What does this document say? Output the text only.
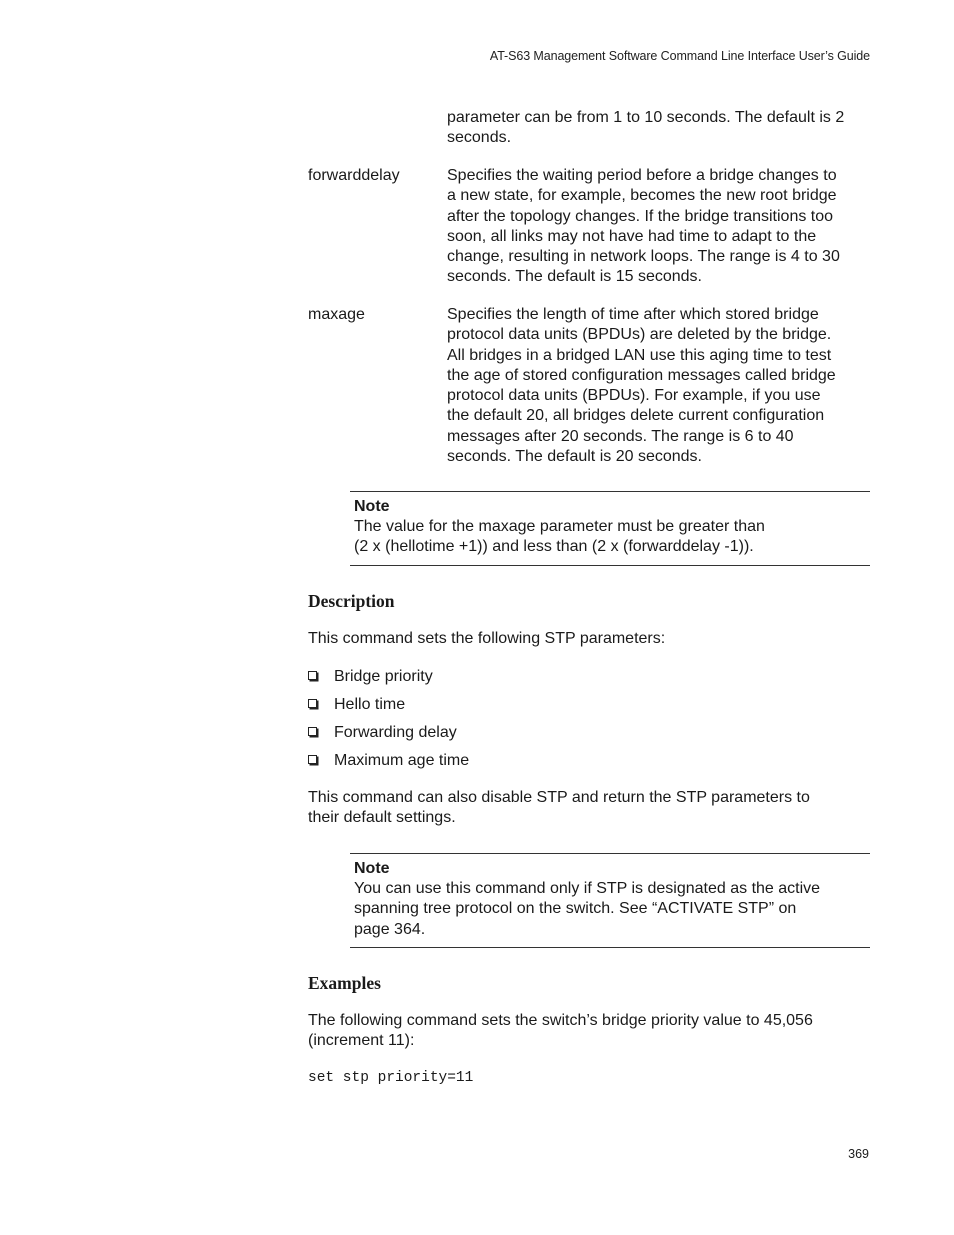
AT-S63 Management Software Command Line Interface User’s Guide
parameter can be from 1 to 10 seconds. The default is 2
seconds.
forwarddelay	Specifies the waiting period before a bridge changes to
a new state, for example, becomes the new root bridge
after the topology changes. If the bridge transitions too
soon, all links may not have had time to adapt to the
change, resulting in network loops. The range is 4 to 30
seconds. The default is 15 seconds.
maxage	Specifies the length of time after which stored bridge
protocol data units (BPDUs) are deleted by the bridge.
All bridges in a bridged LAN use this aging time to test
the age of stored configuration messages called bridge
protocol data units (BPDUs). For example, if you use
the default 20, all bridges delete current configuration
messages after 20 seconds. The range is 6 to 40
seconds. The default is 20 seconds.
Note
The value for the maxage parameter must be greater than
(2 x (hellotime +1)) and less than (2 x (forwarddelay -1)).
Description
This command sets the following STP parameters:
Bridge priority
Hello time
Forwarding delay
Maximum age time
This command can also disable STP and return the STP parameters to
their default settings.
Note
You can use this command only if STP is designated as the active
spanning tree protocol on the switch. See “ACTIVATE STP” on
page 364.
Examples
The following command sets the switch’s bridge priority value to 45,056
(increment 11):
set stp priority=11
369
